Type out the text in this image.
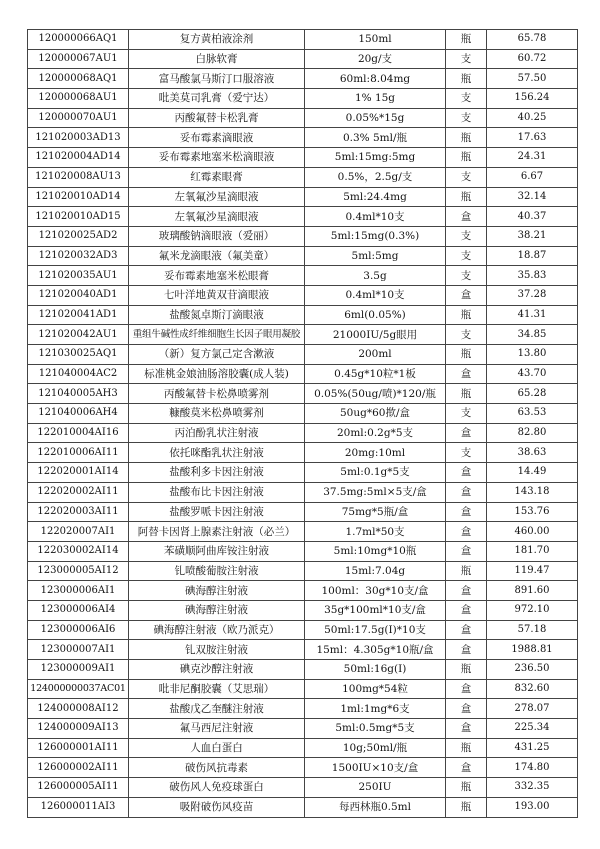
120000066AQ1	复方黄柏液涂剂	150ml	瓶	65.78
120000067AU1	白脉软膏	20g/支	支	60.72
120000068AQ1	富马酸氯马斯汀口服溶液	60ml:8.04mg	瓶	57.50
120000068AU1	吡美莫司乳膏（爱宁达）	1% 15g	支	156.24
120000070AU1	丙酸氟替卡松乳膏	0.05%*15g	支	40.25
121020003AD13	妥布霉素滴眼液	0.3% 5ml/瓶	瓶	17.63
121020004AD14	妥布霉素地塞米松滴眼液	5ml:15mg:5mg	瓶	24.31
121020008AU13	红霉素眼膏	0.5%，2.5g/支	支	6.67
121020010AD14	左氧氟沙星滴眼液	5ml:24.4mg	瓶	32.14
121020010AD15	左氧氟沙星滴眼液	0.4ml*10支	盒	40.37
121020025AD2	玻璃酸钠滴眼液（爱丽）	5ml:15mg(0.3%)	支	38.21
121020032AD3	氟米龙滴眼液（氟美童）	5ml:5mg	支	18.87
121020035AU1	妥布霉素地塞米松眼膏	3.5g	支	35.83
121020040AD1	七叶洋地黄双苷滴眼液	0.4ml*10支	盒	37.28
121020041AD1	盐酸氮卓斯汀滴眼液	6ml(0.05%)	瓶	41.31
121020042AU1	重组牛碱性成纤维细胞生长因子眼用凝胶	21000IU/5g眼用	支	34.85
121030025AQ1	（新）复方氯己定含漱液	200ml	瓶	13.80
121040004AC2	标准桃金娘油肠溶胶囊(成人装)	0.45g*10粒*1板	盒	43.70
121040005AH3	丙酸氟替卡松鼻喷雾剂	0.05%(50ug/喷)*120/瓶	瓶	65.28
121040006AH4	糠酸莫米松鼻喷雾剂	50ug*60揿/盒	支	63.53
122010004AI16	丙泊酚乳状注射液	20ml:0.2g*5支	盒	82.80
122010006AI11	依托咪酯乳状注射液	20mg:10ml	支	38.63
122020001AI14	盐酸利多卡因注射液	5ml:0.1g*5支	盒	14.49
122020002AI11	盐酸布比卡因注射液	37.5mg:5ml×5支/盒	盒	143.18
122020003AI11	盐酸罗哌卡因注射液	75mg*5瓶/盒	盒	153.76
122020007AI1	阿替卡因肾上腺素注射液（必兰）	1.7ml*50支	盒	460.00
122030002AI14	苯磺顺阿曲库铵注射液	5ml:10mg*10瓶	盒	181.70
123000005AI12	钆喷酸葡胺注射液	15ml:7.04g	瓶	119.47
123000006AI1	碘海醇注射液	100ml：30g*10支/盒	盒	891.60
123000006AI4	碘海醇注射液	35g*100ml*10支/盒	盒	972.10
123000006AI6	碘海醇注射液（欧乃派克）	50ml:17.5g(I)*10支	盒	57.18
123000007AI1	钆双胺注射液	15ml：4.305g*10瓶/盒	盒	1988.81
123000009AI1	碘克沙醇注射液	50ml:16g(I)	瓶	236.50
124000000037AC01	吡非尼酮胶囊（艾思瑞）	100mg*54粒	盒	832.60
124000008AI12	盐酸戊乙奎醚注射液	1ml:1mg*6支	盒	278.07
124000009AI13	氟马西尼注射液	5ml:0.5mg*5支	盒	225.34
126000001AI11	人血白蛋白	10g;50ml/瓶	瓶	431.25
126000002AI11	破伤风抗毒素	1500IU×10支/盒	盒	174.80
126000005AI11	破伤风人免疫球蛋白	250IU	瓶	332.35
126000011AI3	吸附破伤风疫苗	每西林瓶0.5ml	瓶	193.00
